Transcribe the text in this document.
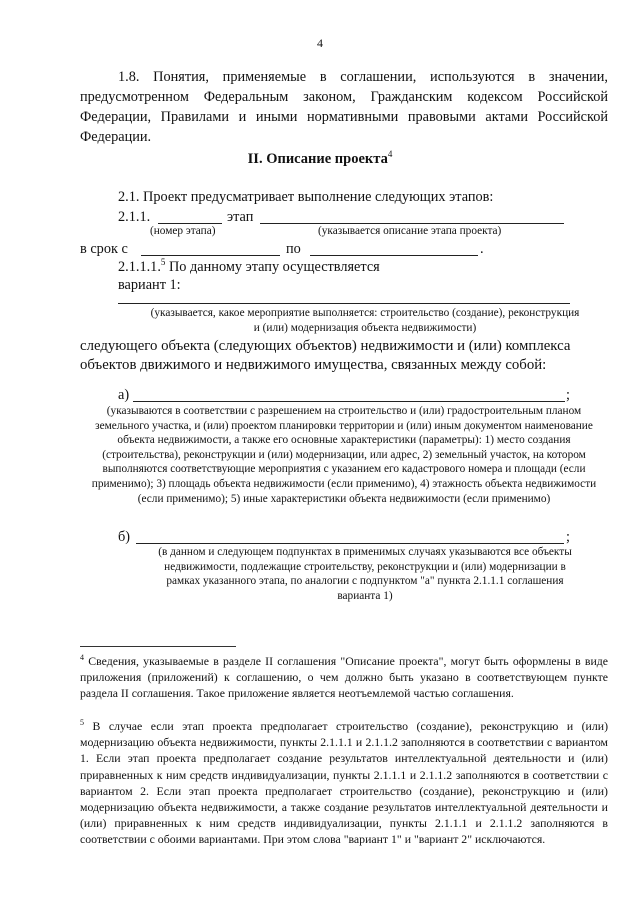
4

1.8. Понятия, применяемые в соглашении, используются в значении, предусмотренном Федеральным законом, Гражданским кодексом Российской Федерации, Правилами и иными нормативными правовыми актами Российской Федерации.

II. Описание проекта$^4$
2.1. Проект предусматривает выполнение следующих этапов:
2.1.1.	этап
(номер этапа)	(указывается описание этапа проекта)
в срок с	по	.
2.1.1.1.$^5$ По данному этапу осуществляется
вариант 1:
(указывается, какое мероприятие выполняется: строительство (создание), реконструкция и (или) модернизация объекта недвижимости)

следующего объекта (следующих объектов) недвижимости и (или) комплекса объектов движимого и недвижимого имущества, связанных между собой:

а)	;
(указываются в соответствии с разрешением на строительство и (или) градостроительным планом земельного участка, и (или) проектом планировки территории и (или) иным документом наименование объекта недвижимости, а также его основные характеристики (параметры): 1) место создания (строительства), реконструкции и (или) модернизации, или адрес, 2) земельный участок, на котором выполняются соответствующие мероприятия с указанием его кадастрового номера и площади (если применимо); 3) площадь объекта недвижимости (если применимо), 4) этажность объекта недвижимости (если применимо); 5) иные характеристики объекта недвижимости (если применимо)
б)	;
(в данном и следующем подпунктах в применимых случаях указываются все объекты недвижимости, подлежащие строительству, реконструкции и (или) модернизации в рамках указанного этапа, по аналогии с подпунктом "а" пункта 2.1.1.1 соглашения варианта 1)

$^4$ Сведения, указываемые в разделе II соглашения "Описание проекта", могут быть оформлены в виде приложения (приложений) к соглашению, о чем должно быть указано в соответствующем пункте раздела II соглашения. Такое приложение является неотъемлемой частью соглашения.

$^5$ В случае если этап проекта предполагает строительство (создание), реконструкцию и (или) модернизацию объекта недвижимости, пункты 2.1.1.1 и 2.1.1.2 заполняются в соответствии с вариантом 1. Если этап проекта предполагает создание результатов интеллектуальной деятельности и (или) приравненных к ним средств индивидуализации, пункты 2.1.1.1 и 2.1.1.2 заполняются в соответствии с вариантом 2. Если этап проекта предполагает строительство (создание), реконструкцию и (или) модернизацию объекта недвижимости, а также создание результатов интеллектуальной деятельности и (или) приравненных к ним средств индивидуализации, пункты 2.1.1.1 и 2.1.1.2 заполняются в соответствии с обоими вариантами. При этом слова "вариант 1" и "вариант 2" исключаются.
